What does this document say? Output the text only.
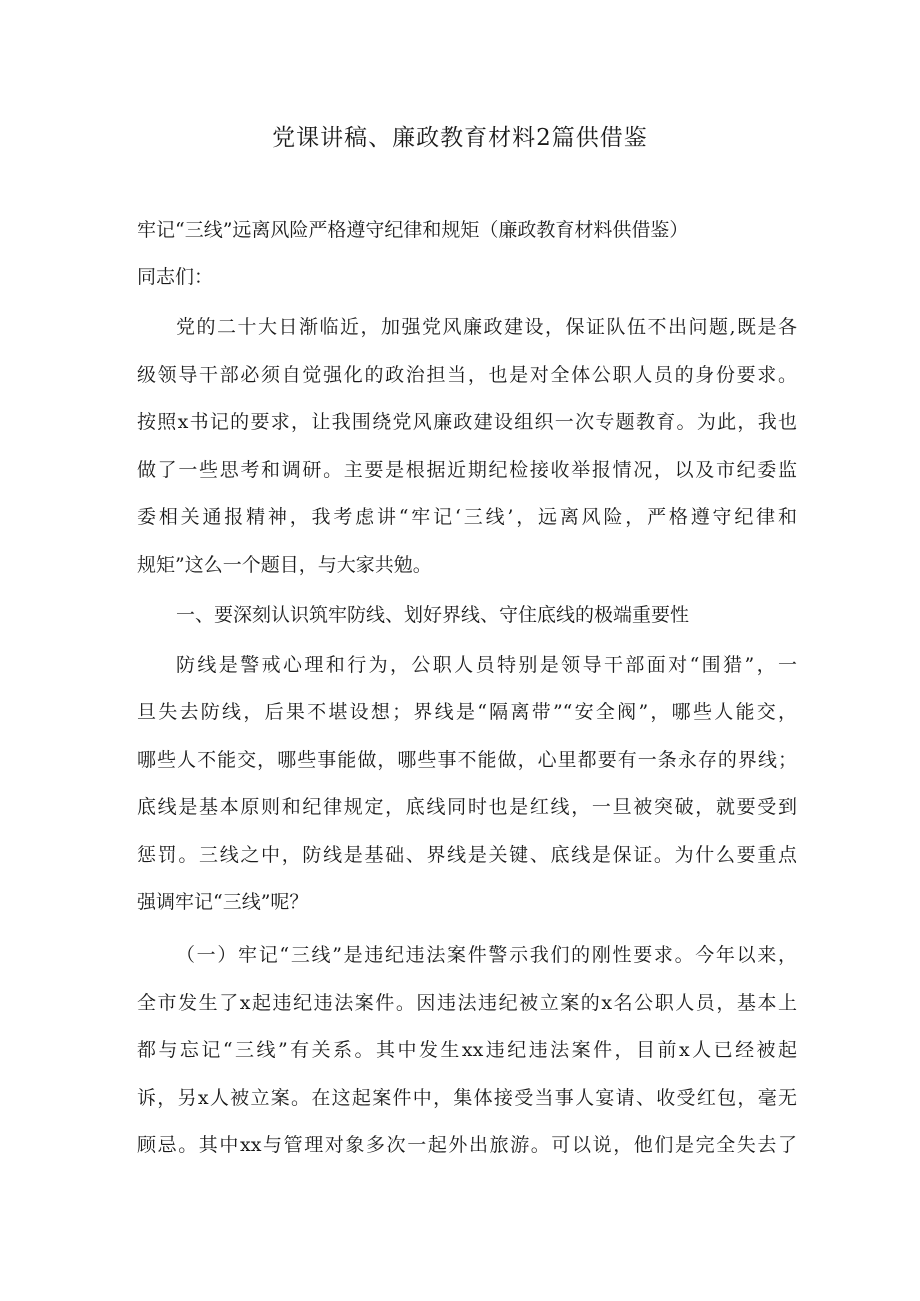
党课讲稿、廉政教育材料2篇供借鉴

牢记“三线”远离风险严格遵守纪律和规矩（廉政教育材料供借鉴）

同志们：

党的二十大日渐临近，加强党风廉政建设，保证队伍不出问题,既是各

级领导干部必须自觉强化的政治担当，也是对全体公职人员的身份要求。

按照x书记的要求，让我围绕党风廉政建设组织一次专题教育。为此，我也

做了一些思考和调研。主要是根据近期纪检接收举报情况，以及市纪委监

委相关通报精神，我考虑讲“牢记‘三线’，远离风险，严格遵守纪律和

规矩”这么一个题目，与大家共勉。

一、要深刻认识筑牢防线、划好界线、守住底线的极端重要性

防线是警戒心理和行为，公职人员特别是领导干部面对“围猎”，一

旦失去防线，后果不堪设想；界线是“隔离带”“安全阀”，哪些人能交，

哪些人不能交，哪些事能做，哪些事不能做，心里都要有一条永存的界线；

底线是基本原则和纪律规定，底线同时也是红线，一旦被突破，就要受到

惩罚。三线之中，防线是基础、界线是关键、底线是保证。为什么要重点

强调牢记“三线”呢？

（一）牢记“三线”是违纪违法案件警示我们的刚性要求。今年以来，

全市发生了x起违纪违法案件。因违法违纪被立案的x名公职人员，基本上

都与忘记“三线”有关系。其中发生xx违纪违法案件，目前x人已经被起

诉，另x人被立案。在这起案件中，集体接受当事人宴请、收受红包，毫无

顾忌。其中xx与管理对象多次一起外出旅游。可以说，他们是完全失去了
